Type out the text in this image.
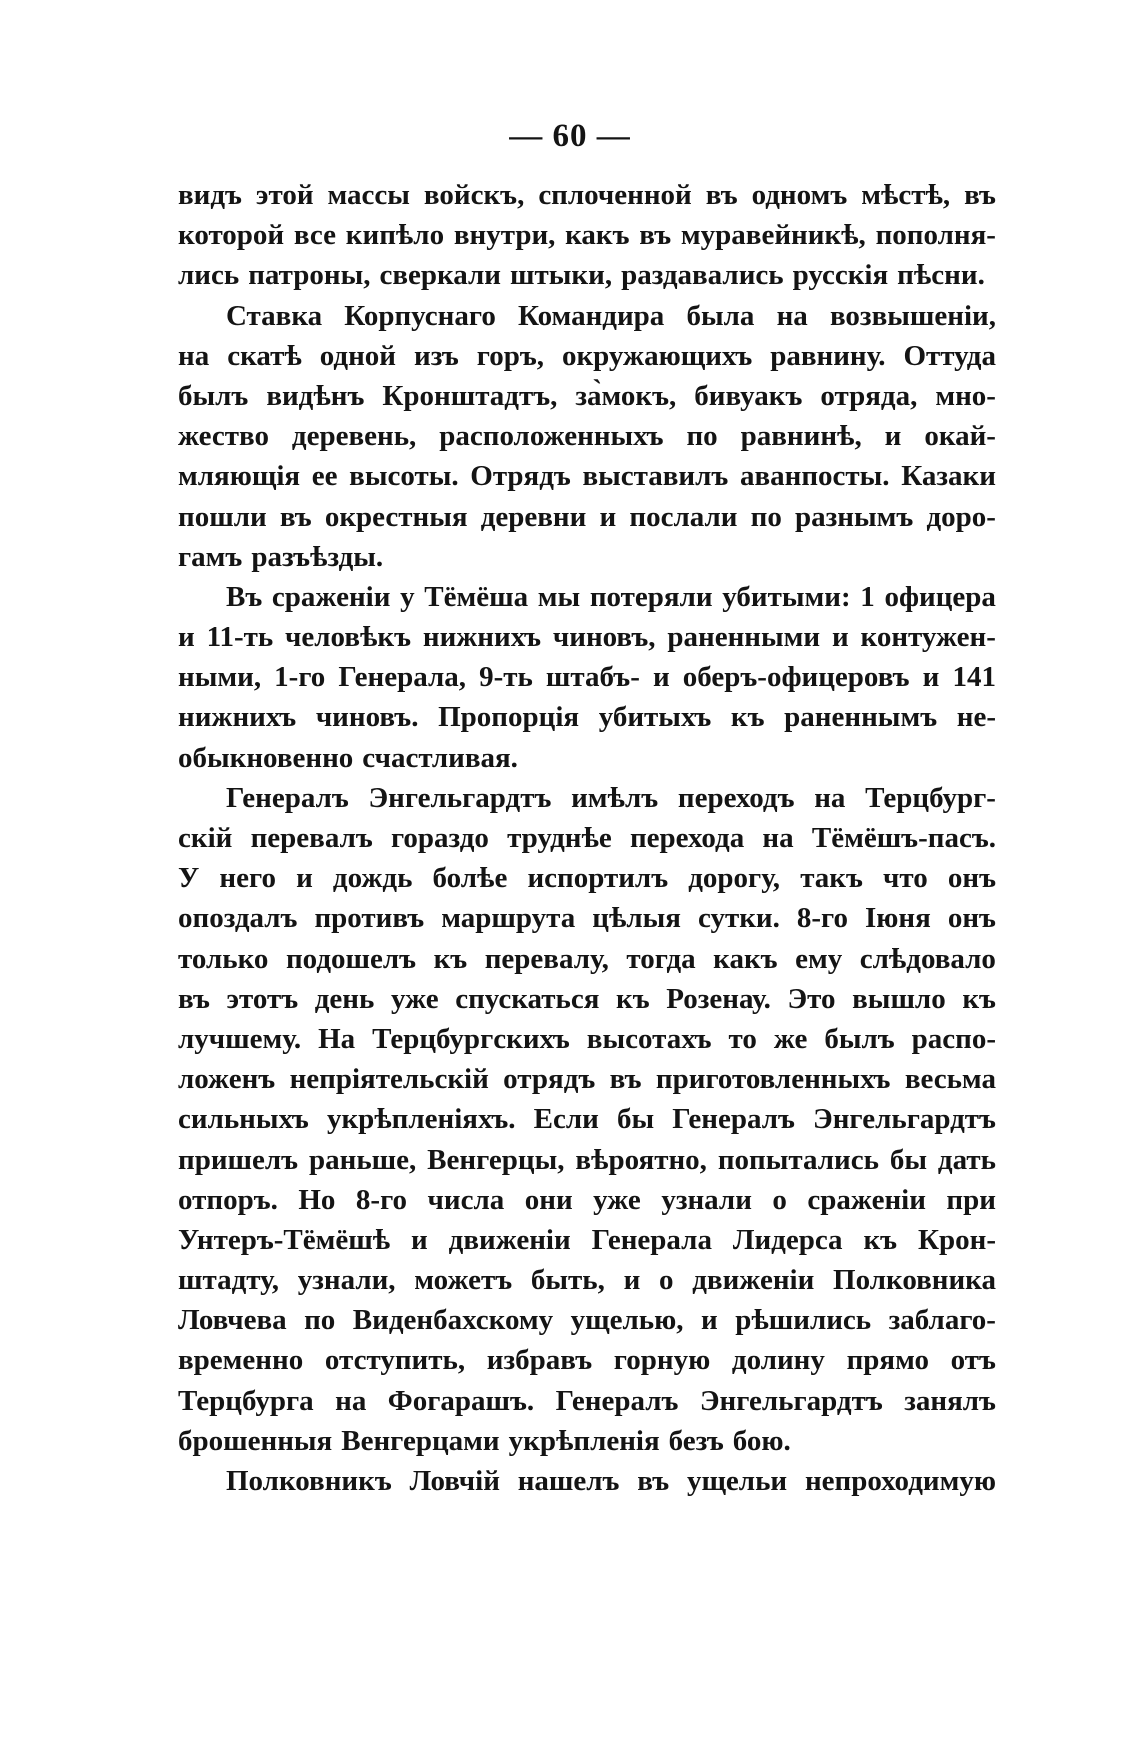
— 60 —
видъ этой массы войскъ, сплоченной въ одномъ мѣстѣ, въ
которой все кипѣло внутри, какъ въ муравейникѣ, пополня-
лись патроны, сверкали штыки, раздавались русскія пѣсни.
Ставка Корпуснаго Командира была на возвышеніи,
на скатѣ одной изъ горъ, окружающихъ равнину. Оттуда
былъ видѣнъ Кронштадтъ, за̀мокъ, бивуакъ отряда, мно-
жество деревень, расположенныхъ по равнинѣ, и окай-
мляющія ее высоты. Отрядъ выставилъ аванпосты. Казаки
пошли въ окрестныя деревни и послали по разнымъ доро-
гамъ разъѣзды.
Въ сраженіи у Тёмёша мы потеряли убитыми: 1 офицера
и 11-ть человѣкъ нижнихъ чиновъ, раненными и контужен-
ными, 1-го Генерала, 9-ть штабъ- и оберъ-офицеровъ и 141
нижнихъ чиновъ. Пропорція убитыхъ къ раненнымъ не-
обыкновенно счастливая.
Генералъ Энгельгардтъ имѣлъ переходъ на Терцбург-
скій перевалъ гораздо труднѣе перехода на Тёмёшъ-пасъ.
У него и дождь болѣе испортилъ дорогу, такъ что онъ
опоздалъ противъ маршрута цѣлыя сутки. 8-го Іюня онъ
только подошелъ къ перевалу, тогда какъ ему слѣдовало
въ этотъ день уже спускаться къ Розенау. Это вышло къ
лучшему. На Терцбургскихъ высотахъ то же былъ распо-
ложенъ непріятельскій отрядъ въ приготовленныхъ весьма
сильныхъ укрѣпленіяхъ. Если бы Генералъ Энгельгардтъ
пришелъ раньше, Венгерцы, вѣроятно, попытались бы дать
отпоръ. Но 8-го числа они уже узнали о сраженіи при
Унтеръ-Тёмёшѣ и движеніи Генерала Лидерса къ Крон-
штадту, узнали, можетъ быть, и о движеніи Полковника
Ловчева по Виденбахскому ущелью, и рѣшились заблаго-
временно отступить, избравъ горную долину прямо отъ
Терцбурга на Фогарашъ. Генералъ Энгельгардтъ занялъ
брошенныя Венгерцами укрѣпленія безъ бою.
Полковникъ Ловчій нашелъ въ ущельи непроходимую
